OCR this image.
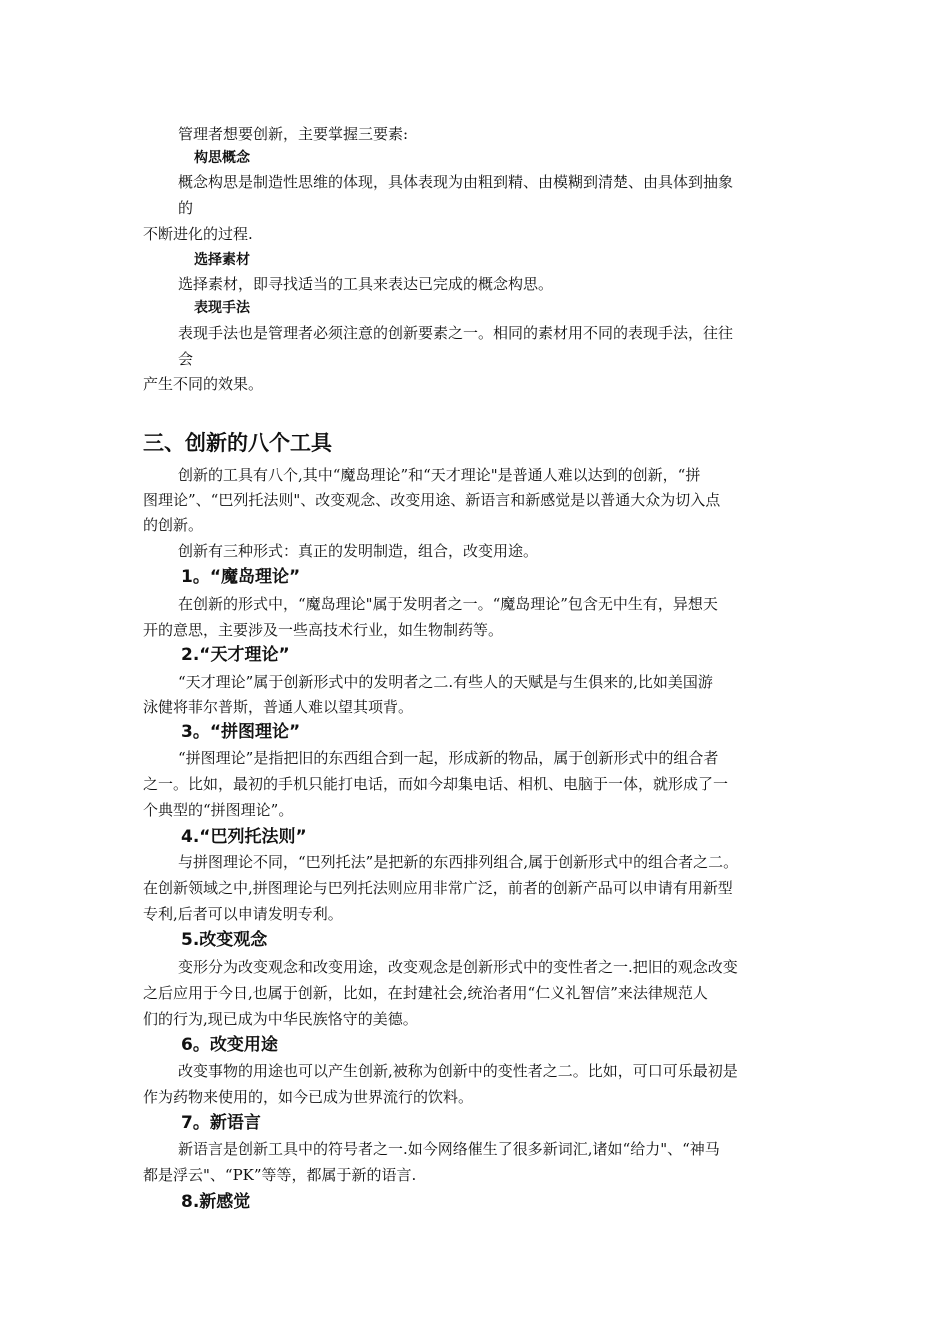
管理者想要创新，主要掌握三要素:
构思概念
概念构思是制造性思维的体现，具体表现为由粗到精、由模糊到清楚、由具体到抽象
的
不断进化的过程.
选择素材
选择素材，即寻找适当的工具来表达已完成的概念构思。
表现手法
表现手法也是管理者必须注意的创新要素之一。相同的素材用不同的表现手法，往往
会
产生不同的效果。
三、创新的八个工具
创新的工具有八个,其中“魔岛理论”和“天才理论"是普通人难以达到的创新，“拼
图理论”、“巴列托法则"、改变观念、改变用途、新语言和新感觉是以普通大众为切入点
的创新。
创新有三种形式：真正的发明制造，组合，改变用途。
1。“魔岛理论”
在创新的形式中，“魔岛理论"属于发明者之一。“魔岛理论”包含无中生有，异想天
开的意思，主要涉及一些高技术行业，如生物制药等。
2.“天才理论”
“天才理论”属于创新形式中的发明者之二.有些人的天赋是与生俱来的,比如美国游
泳健将菲尔普斯，普通人难以望其项背。
3。“拼图理论”
“拼图理论”是指把旧的东西组合到一起，形成新的物品，属于创新形式中的组合者
之一。比如，最初的手机只能打电话，而如今却集电话、相机、电脑于一体，就形成了一
个典型的“拼图理论”。
4.“巴列托法则”
与拼图理论不同，“巴列托法”是把新的东西排列组合,属于创新形式中的组合者之二。
在创新领域之中,拼图理论与巴列托法则应用非常广泛，前者的创新产品可以申请有用新型
专利,后者可以申请发明专利。
5.改变观念
变形分为改变观念和改变用途，改变观念是创新形式中的变性者之一.把旧的观念改变
之后应用于今日,也属于创新，比如，在封建社会,统治者用“仁义礼智信”来法律规范人
们的行为,现已成为中华民族恪守的美德。
6。改变用途
改变事物的用途也可以产生创新,被称为创新中的变性者之二。比如，可口可乐最初是
作为药物来使用的，如今已成为世界流行的饮料。
7。新语言
新语言是创新工具中的符号者之一.如今网络催生了很多新词汇,诸如“给力"、“神马
都是浮云"、“PK”等等，都属于新的语言.
8.新感觉
